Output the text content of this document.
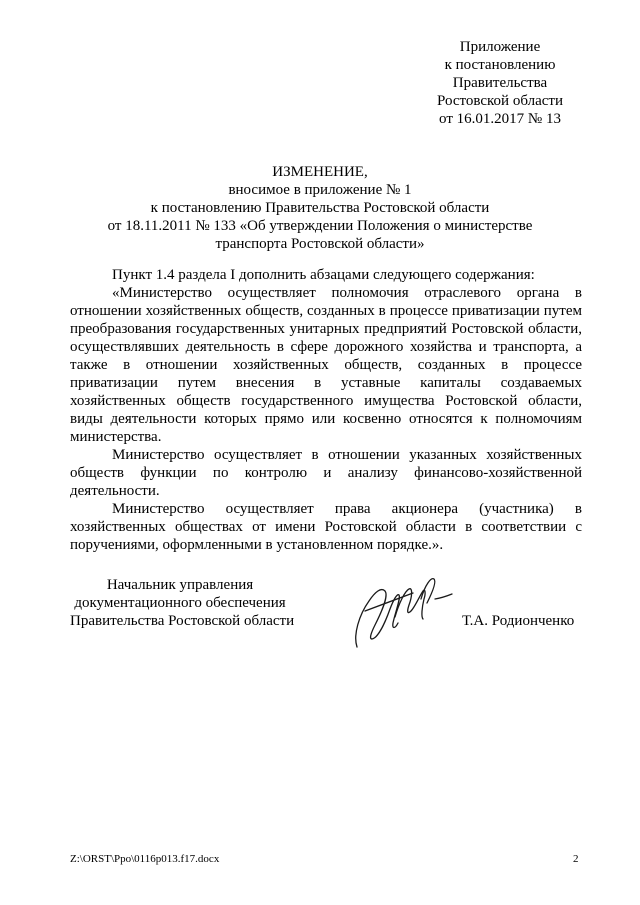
Приложение
к постановлению
Правительства
Ростовской области
от 16.01.2017 № 13
ИЗМЕНЕНИЕ,
вносимое в приложение № 1
к постановлению Правительства Ростовской области
от 18.11.2011 № 133 «Об утверждении Положения о министерстве
транспорта Ростовской области»

Пункт 1.4 раздела I дополнить абзацами следующего содержания:

«Министерство осуществляет полномочия отраслевого органа в отношении хозяйственных обществ, созданных в процессе приватизации путем преобразования государственных унитарных предприятий Ростовской области, осуществлявших деятельность в сфере дорожного хозяйства и транспорта, а также в отношении хозяйственных обществ, созданных в процессе приватизации путем внесения в уставные капиталы создаваемых хозяйственных обществ государственного имущества Ростовской области, виды деятельности которых прямо или косвенно относятся к полномочиям министерства.

Министерство осуществляет в отношении указанных хозяйственных обществ функции по контролю и анализу финансово-хозяйственной деятельности.

Министерство осуществляет права акционера (участника) в хозяйственных обществах от имени Ростовской области в соответствии с поручениями, оформленными в установленном порядке.».

Начальник управления
документационного обеспечения
Правительства Ростовской области	Т.А. Родионченко
Z:\ORST\Ppo\0116p013.f17.docx	2
